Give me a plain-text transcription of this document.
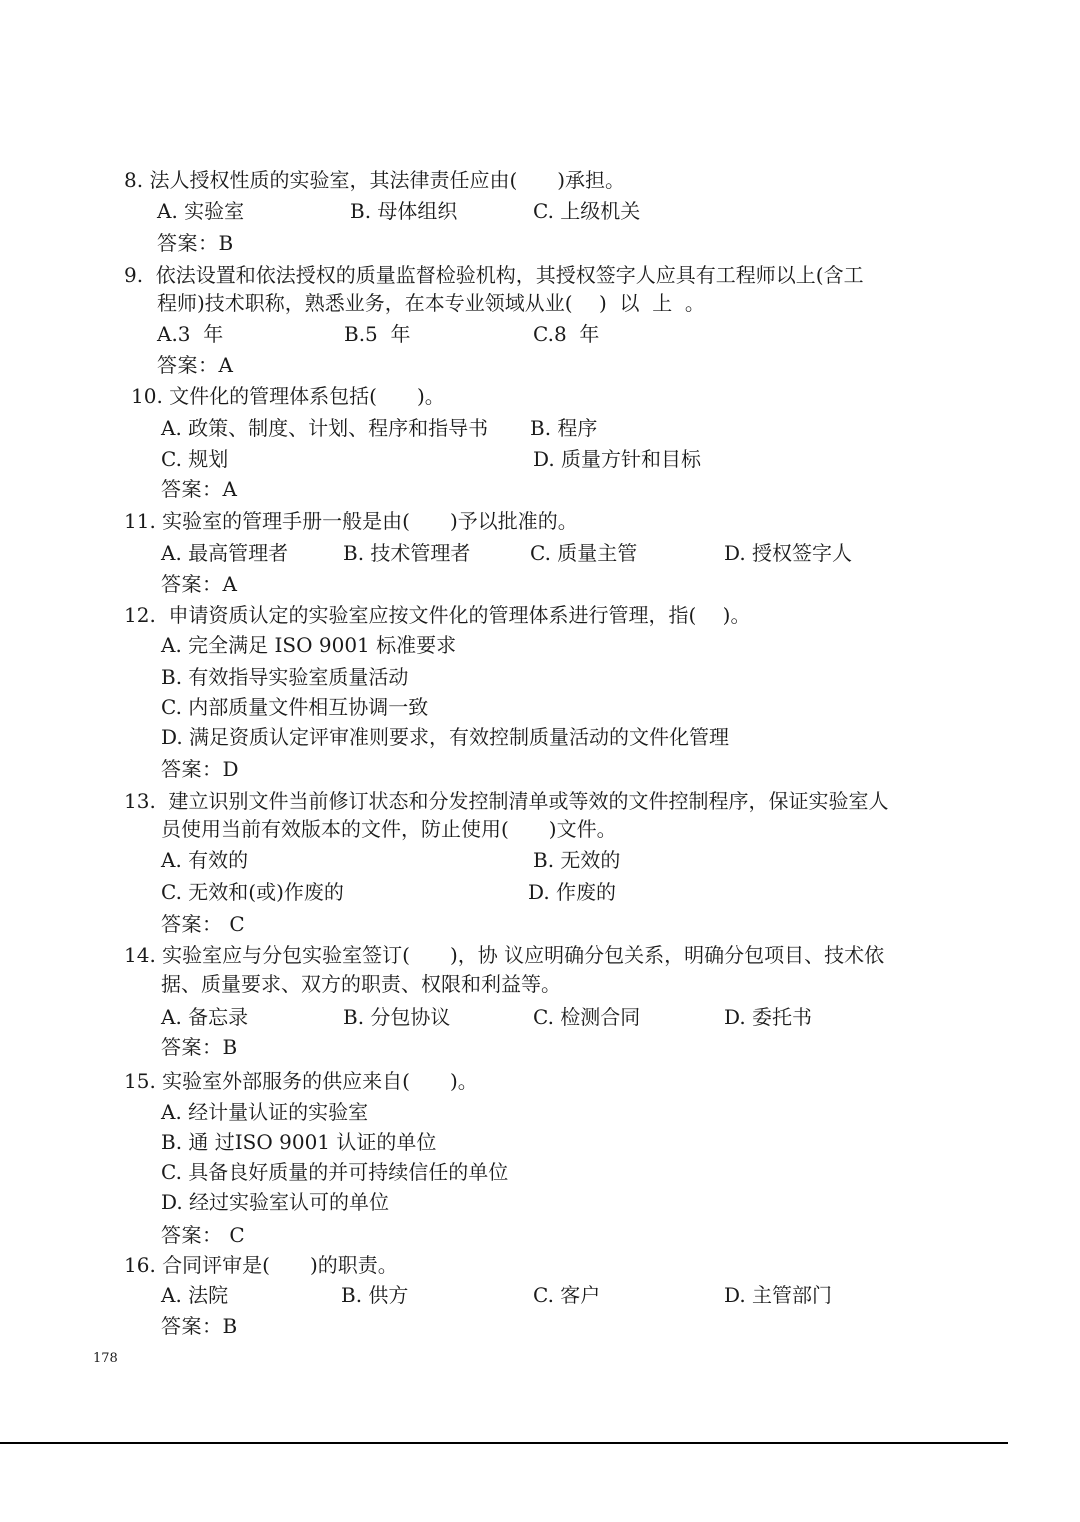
8. 法人授权性质的实验室，其法律责任应由(　　)承担。
A. 实验室	B. 母体组织	C. 上级机关
答案：B
9.  依法设置和依法授权的质量监督检验机构，其授权签字人应具有工程师以上(含工
程师)技术职称，熟悉业务，在本专业领域从业(　 )  以  上  。
A.3  年	B.5  年	C.8  年
答案：A
10. 文件化的管理体系包括(　　)。
A. 政策、制度、计划、程序和指导书 B. 程序
C. 规划	D. 质量方针和目标
答案：A
11. 实验室的管理手册一般是由(　　)予以批准的。
A. 最高管理者	B. 技术管理者	C. 质量主管	D. 授权签字人
答案：A
12.  申请资质认定的实验室应按文件化的管理体系进行管理，指(　 )。
A. 完全满足 ISO 9001 标准要求
B. 有效指导实验室质量活动
C. 内部质量文件相互协调一致
D. 满足资质认定评审准则要求，有效控制质量活动的文件化管理
答案：D
13.  建立识别文件当前修订状态和分发控制清单或等效的文件控制程序，保证实验室人
员使用当前有效版本的文件，防止使用(　　)文件。
A. 有效的	B. 无效的
C. 无效和(或)作废的	D. 作废的
答案： C
14. 实验室应与分包实验室签订(　　)，协 议应明确分包关系，明确分包项目、技术依
据、质量要求、双方的职责、权限和利益等。
A. 备忘录	B. 分包协议	C. 检测合同	D. 委托书
答案：B
15. 实验室外部服务的供应来自(　　)。
A. 经计量认证的实验室
B. 通 过ISO 9001 认证的单位
C. 具备良好质量的并可持续信任的单位
D. 经过实验室认可的单位
答案： C
16. 合同评审是(　　)的职责。
A. 法院	B. 供方	C. 客户	D. 主管部门
答案：B
178
